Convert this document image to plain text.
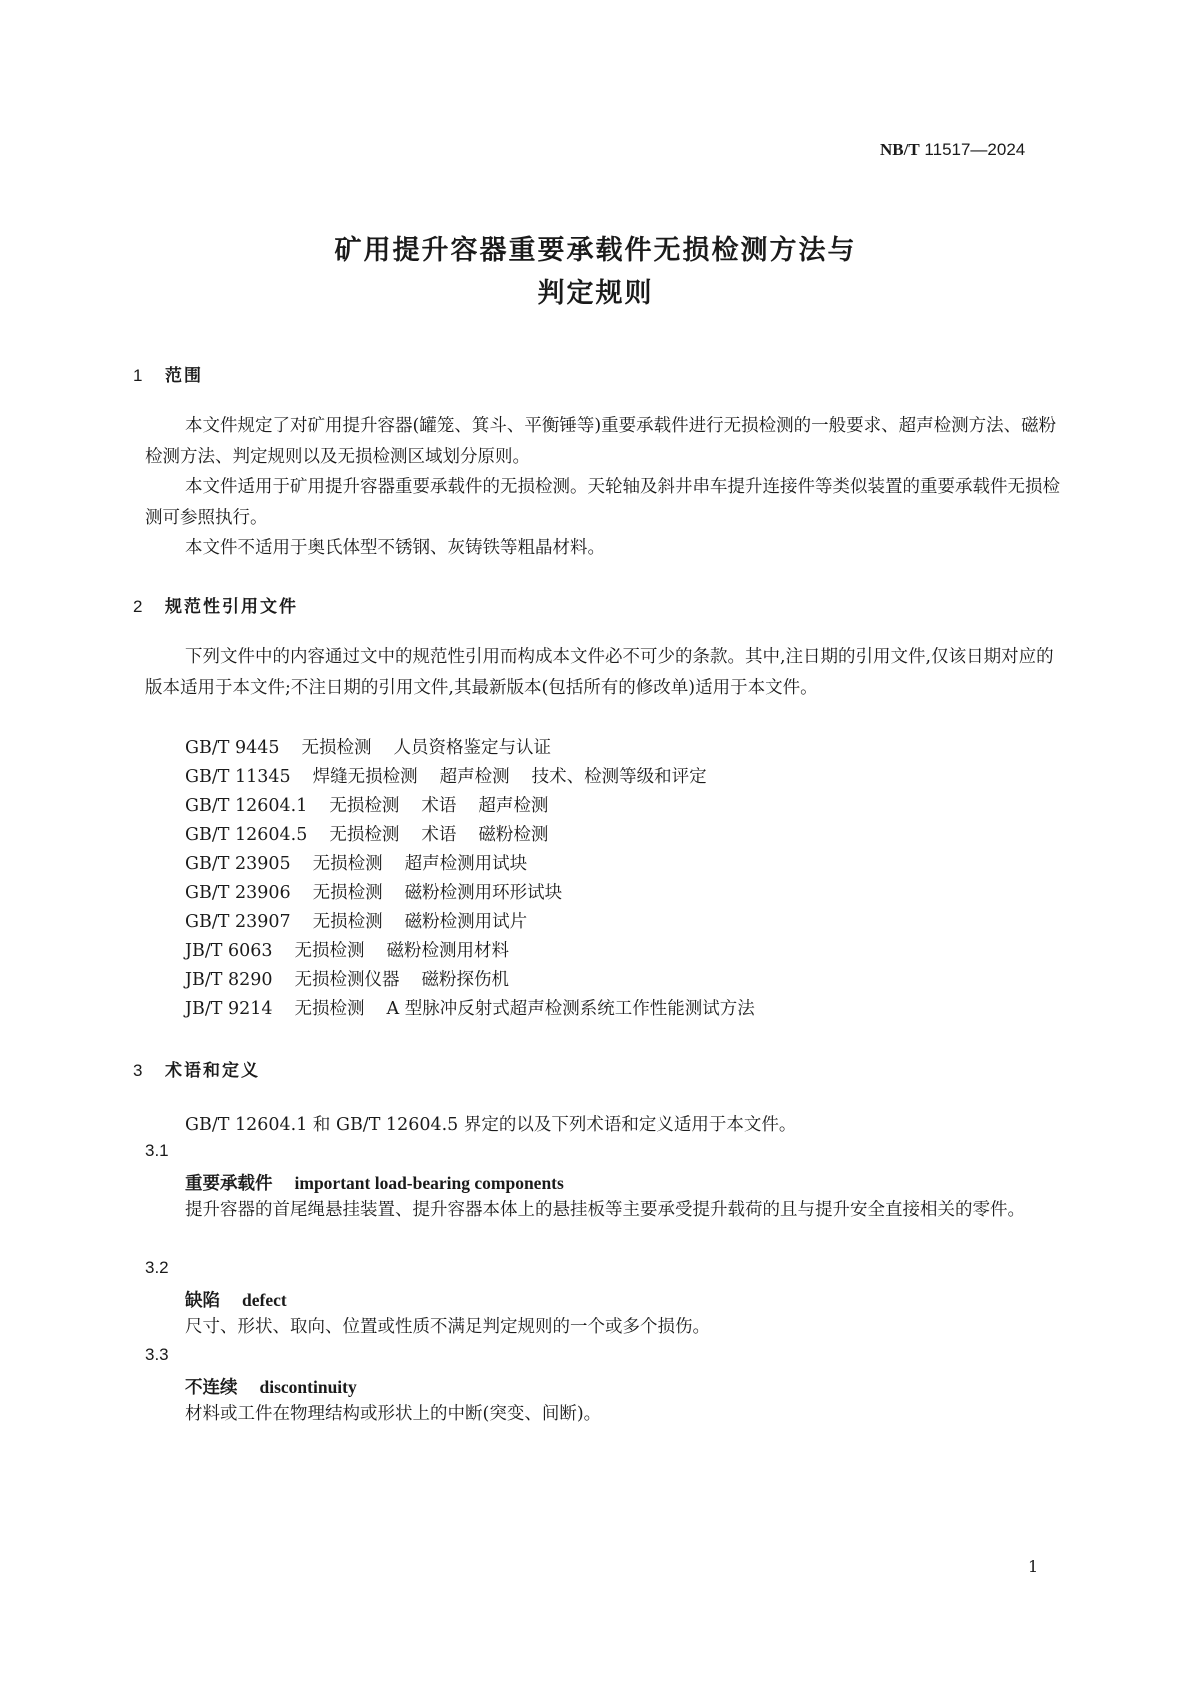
NB/T 11517—2024
矿用提升容器重要承载件无损检测方法与
判定规则
1 范围
本文件规定了对矿用提升容器(罐笼、箕斗、平衡锤等)重要承载件进行无损检测的一般要求、超声检测方法、磁粉检测方法、判定规则以及无损检测区域划分原则。
本文件适用于矿用提升容器重要承载件的无损检测。天轮轴及斜井串车提升连接件等类似装置的重要承载件无损检测可参照执行。
本文件不适用于奥氏体型不锈钢、灰铸铁等粗晶材料。
2 规范性引用文件
下列文件中的内容通过文中的规范性引用而构成本文件必不可少的条款。其中,注日期的引用文件,仅该日期对应的版本适用于本文件;不注日期的引用文件,其最新版本(包括所有的修改单)适用于本文件。
GB/T 9445 无损检测 人员资格鉴定与认证
GB/T 11345 焊缝无损检测 超声检测 技术、检测等级和评定
GB/T 12604.1 无损检测 术语 超声检测
GB/T 12604.5 无损检测 术语 磁粉检测
GB/T 23905 无损检测 超声检测用试块
GB/T 23906 无损检测 磁粉检测用环形试块
GB/T 23907 无损检测 磁粉检测用试片
JB/T 6063 无损检测 磁粉检测用材料
JB/T 8290 无损检测仪器 磁粉探伤机
JB/T 9214 无损检测 A 型脉冲反射式超声检测系统工作性能测试方法
3 术语和定义
GB/T 12604.1 和 GB/T 12604.5 界定的以及下列术语和定义适用于本文件。
3.1
重要承载件 important load-bearing components
提升容器的首尾绳悬挂装置、提升容器本体上的悬挂板等主要承受提升载荷的且与提升安全直接相关的零件。
3.2
缺陷 defect
尺寸、形状、取向、位置或性质不满足判定规则的一个或多个损伤。
3.3
不连续 discontinuity
材料或工件在物理结构或形状上的中断(突变、间断)。
1
